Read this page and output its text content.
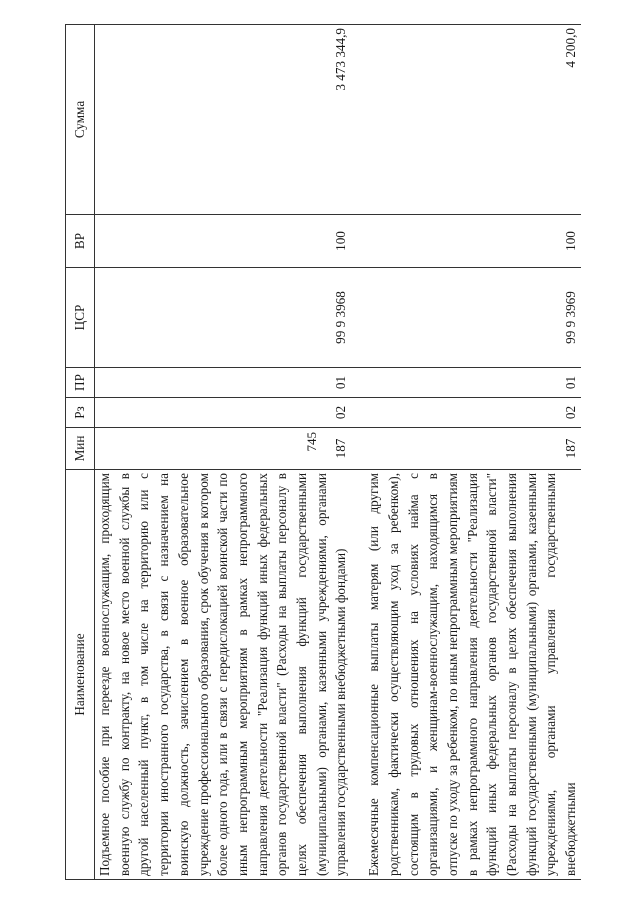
745
Наименование	Мин	Рз	ПР	ЦСР	ВР	Сумма
Подъемное пособие при переезде военнослужащим, проходящим военную службу по контракту, на новое место военной службы в другой населенный пункт, в том числе на территорию или с территории иностранного государства, в связи с назначением на воинскую должность, зачислением в военное образовательное учреждение профессионального образования, срок обучения в котором более одного года, или в связи с передислокацией воинской части по иным непрограммным мероприятиям в рамках непрограммного направления деятельности "Реализация функций иных федеральных органов государственной власти" (Расходы на выплаты персоналу в целях обеспечения выполнения функций государственными (муниципальными) органами, казенными учреждениями, органами управления государственными внебюджетными фондами)	187	02	01	99 9 3968	100	3 473 344,9
Ежемесячные компенсационные выплаты матерям (или другим родственникам, фактически осуществляющим уход за ребенком), состоящим в трудовых отношениях на условиях найма с организациями, и женщинам-военнослужащим, находящимся в отпуске по уходу за ребенком, по иным непрограммным мероприятиям в рамках непрограммного направления деятельности "Реализация функций иных федеральных органов государственной власти" (Расходы на выплаты персоналу в целях обеспечения выполнения функций государственными (муниципальными) органами, казенными учреждениями, органами управления государственными внебюджетными	187	02	01	99 9 3969	100	4 200,0
